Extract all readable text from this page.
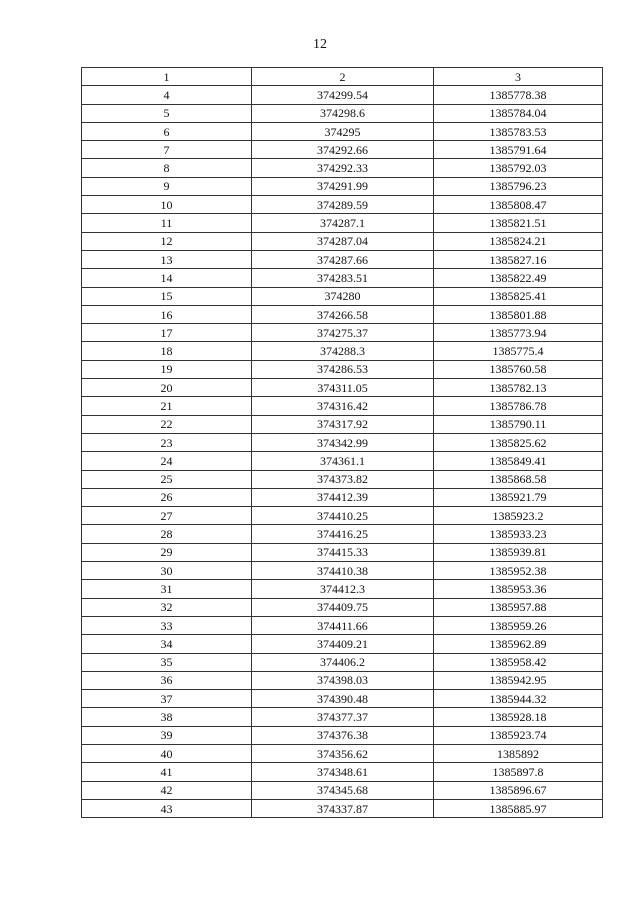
12
1	2	3
4	374299.54	1385778.38
5	374298.6	1385784.04
6	374295	1385783.53
7	374292.66	1385791.64
8	374292.33	1385792.03
9	374291.99	1385796.23
10	374289.59	1385808.47
11	374287.1	1385821.51
12	374287.04	1385824.21
13	374287.66	1385827.16
14	374283.51	1385822.49
15	374280	1385825.41
16	374266.58	1385801.88
17	374275.37	1385773.94
18	374288.3	1385775.4
19	374286.53	1385760.58
20	374311.05	1385782.13
21	374316.42	1385786.78
22	374317.92	1385790.11
23	374342.99	1385825.62
24	374361.1	1385849.41
25	374373.82	1385868.58
26	374412.39	1385921.79
27	374410.25	1385923.2
28	374416.25	1385933.23
29	374415.33	1385939.81
30	374410.38	1385952.38
31	374412.3	1385953.36
32	374409.75	1385957.88
33	374411.66	1385959.26
34	374409.21	1385962.89
35	374406.2	1385958.42
36	374398.03	1385942.95
37	374390.48	1385944.32
38	374377.37	1385928.18
39	374376.38	1385923.74
40	374356.62	1385892
41	374348.61	1385897.8
42	374345.68	1385896.67
43	374337.87	1385885.97
